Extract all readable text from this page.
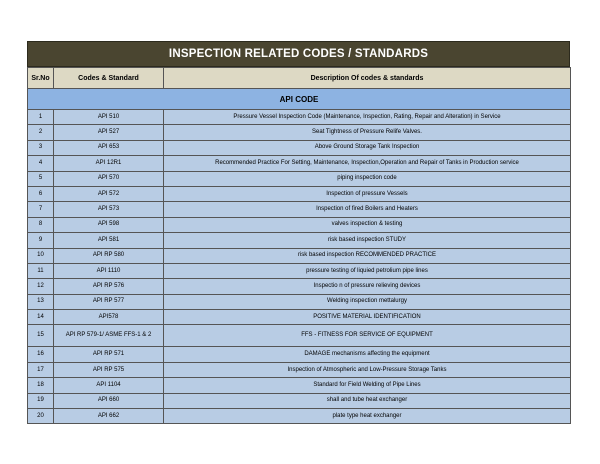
INSPECTION RELATED CODES / STANDARDS
Sr.No	Codes & Standard	Description Of codes & standards
API CODE		
1	API 510	Pressure Vessel Inspection Code (Maintenance, Inspection, Rating, Repair and Alteration) in Service
2	API 527	Seat Tightness of Pressure Relife Valves.
3	API 653	Above Ground Storage Tank Inspection
4	API 12R1	Recommended Practice For Setting, Maintenance, Inspection,Operation and Repair of Tanks in Production service
5	API 570	piping inspection code
6	API 572	Inspection of pressure Vessels
7	API 573	Inspection of fired Boilers and Heaters
8	API 598	valves inspection & testing
9	API 581	risk based inspection STUDY
10	API RP 580	risk based inspection RECOMMENDED PRACTICE
11	API 1110	pressure testing of liquied petrolium pipe lines
12	API RP 576	Inspectio n of pressure relieving devices
13	API RP 577	Welding inspection mettalurgy
14	API578	POSITIVE MATERIAL IDENTIFICATION
15	API RP 579-1/ ASME FFS-1 & 2	FFS - FITNESS FOR SERVICE OF EQUIPMENT
16	API RP 571	DAMAGE mechanisms affecting the equipment
17	API RP 575	Inspection of Atmospheric and Low-Pressure Storage Tanks
18	API 1104	Standard for Field Welding of Pipe Lines
19	API 660	shall and tube heat exchanger
20	API 662	plate type heat exchanger
